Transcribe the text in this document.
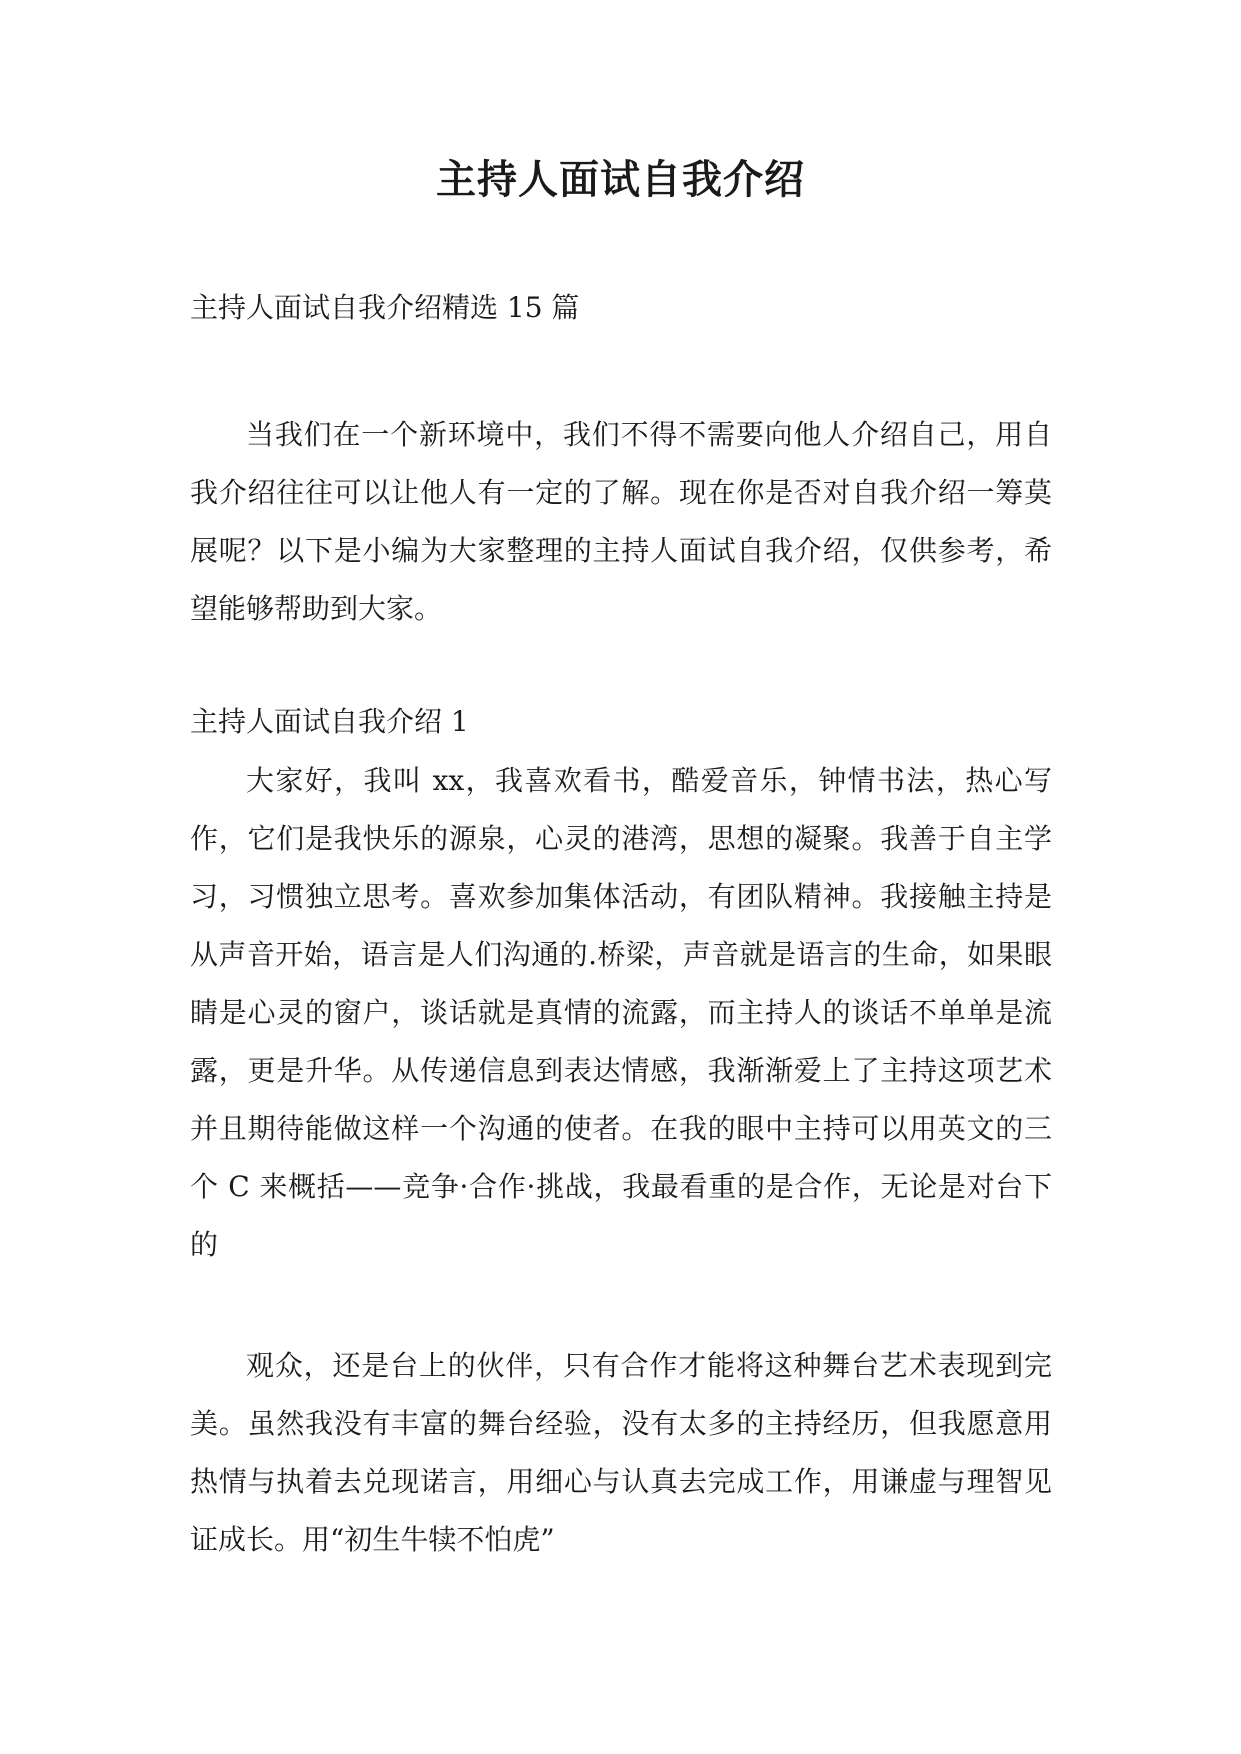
主持人面试自我介绍

主持人面试自我介绍精选 15 篇

当我们在一个新环境中，我们不得不需要向他人介绍自己，用自我介绍往往可以让他人有一定的了解。现在你是否对自我介绍一筹莫展呢？以下是小编为大家整理的主持人面试自我介绍，仅供参考，希望能够帮助到大家。

主持人面试自我介绍 1

大家好，我叫 xx，我喜欢看书，酷爱音乐，钟情书法，热心写作，它们是我快乐的源泉，心灵的港湾，思想的凝聚。我善于自主学习，习惯独立思考。喜欢参加集体活动，有团队精神。我接触主持是从声音开始，语言是人们沟通的.桥梁，声音就是语言的生命，如果眼睛是心灵的窗户，谈话就是真情的流露，而主持人的谈话不单单是流露，更是升华。从传递信息到表达情感，我渐渐爱上了主持这项艺术并且期待能做这样一个沟通的使者。在我的眼中主持可以用英文的三个 C 来概括——竞争·合作·挑战，我最看重的是合作，无论是对台下的

观众，还是台上的伙伴，只有合作才能将这种舞台艺术表现到完美。虽然我没有丰富的舞台经验，没有太多的主持经历，但我愿意用热情与执着去兑现诺言，用细心与认真去完成工作，用谦虚与理智见证成长。用“初生牛犊不怕虎”
